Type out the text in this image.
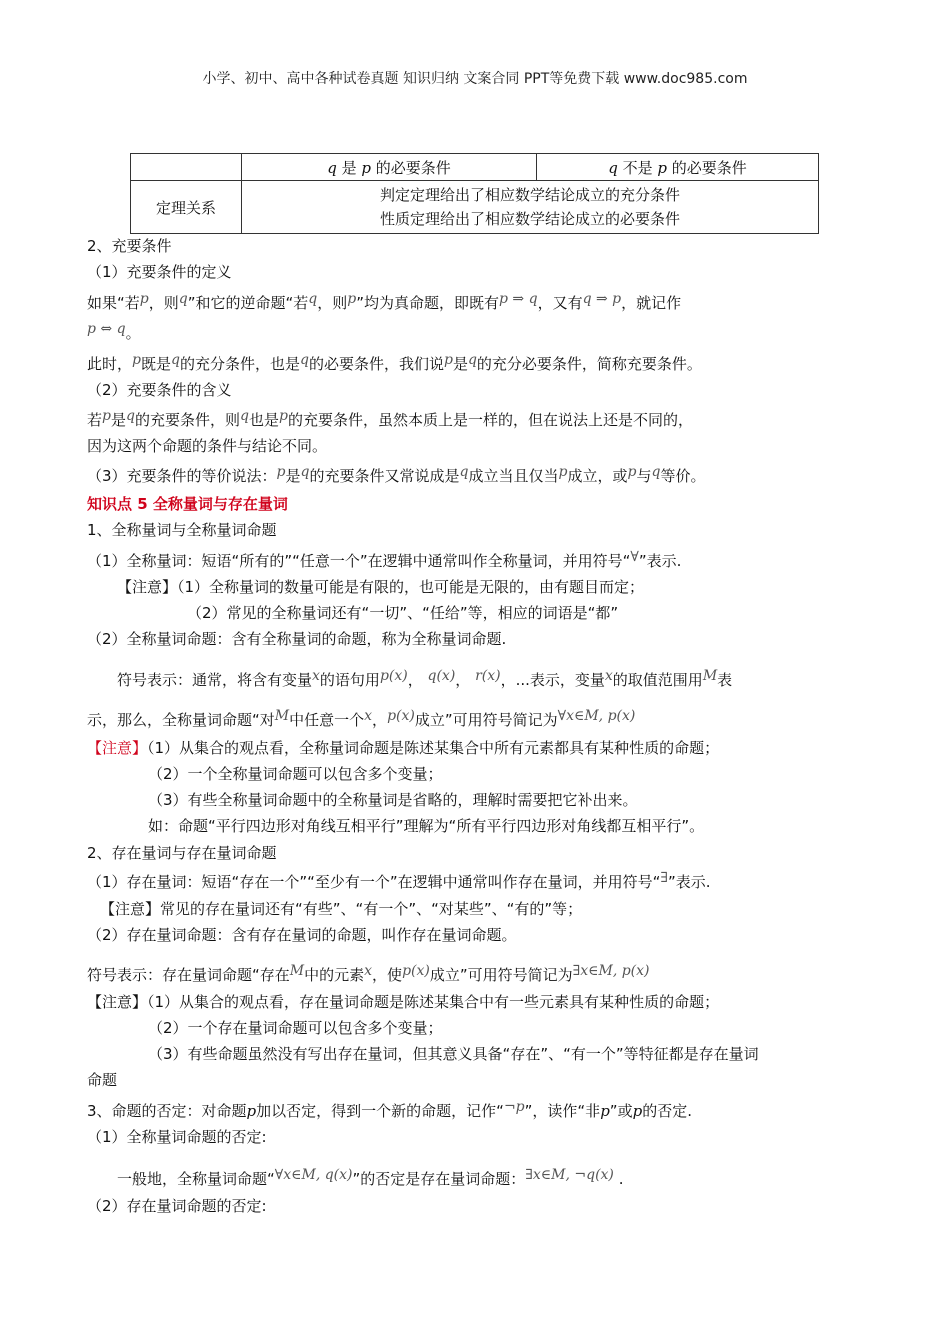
小学、初中、高中各种试卷真题 知识归纳 文案合同 PPT等免费下载 www.doc985.com
	q 是 p 的必要条件	q 不是 p 的必要条件
定理关系	判定定理给出了相应数学结论成立的充分条件
性质定理给出了相应数学结论成立的必要条件	
2、充要条件
（1）充要条件的定义
如果“若p，则q”和它的逆命题“若q，则p”均为真命题，即既有p ⇒ q，又有q ⇒ p，就记作
p ⇔ q。
此时，p既是q的充分条件，也是q的必要条件，我们说p是q的充分必要条件，简称充要条件。
（2）充要条件的含义
若p是q的充要条件，则q也是p的充要条件，虽然本质上是一样的，但在说法上还是不同的，
因为这两个命题的条件与结论不同。
（3）充要条件的等价说法：p是q的充要条件又常说成是q成立当且仅当p成立，或p与q等价。
知识点 5 全称量词与存在量词
1、全称量词与全称量词命题
（1）全称量词：短语“所有的”“任意一个”在逻辑中通常叫作全称量词，并用符号“∀”表示.
【注意】（1）全称量词的数量可能是有限的，也可能是无限的，由有题目而定；
（2）常见的全称量词还有“一切”、“任给”等，相应的词语是“都”
（2）全称量词命题：含有全称量词的命题，称为全称量词命题.
符号表示：通常，将含有变量x的语句用p(x)， q(x)， r(x)，...表示，变量x的取值范围用M表
示，那么，全称量词命题“对M中任意一个x，p(x)成立”可用符号简记为∀x∈M, p(x)
【注意】（1）从集合的观点看，全称量词命题是陈述某集合中所有元素都具有某种性质的命题；
（2）一个全称量词命题可以包含多个变量；
（3）有些全称量词命题中的全称量词是省略的，理解时需要把它补出来。
如：命题“平行四边形对角线互相平行”理解为“所有平行四边形对角线都互相平行”。
2、存在量词与存在量词命题
（1）存在量词：短语“存在一个”“至少有一个”在逻辑中通常叫作存在量词，并用符号“∃”表示.
【注意】常见的存在量词还有“有些”、“有一个”、“对某些”、“有的”等；
（2）存在量词命题：含有存在量词的命题，叫作存在量词命题。
符号表示：存在量词命题“存在M中的元素x，使p(x)成立”可用符号简记为∃x∈M, p(x)
【注意】（1）从集合的观点看，存在量词命题是陈述某集合中有一些元素具有某种性质的命题；
（2）一个存在量词命题可以包含多个变量；
（3）有些命题虽然没有写出存在量词，但其意义具备“存在”、“有一个”等特征都是存在量词
命题
3、命题的否定：对命题p加以否定，得到一个新的命题，记作“¬p”，读作“非p”或p的否定.
（1）全称量词命题的否定:
一般地，全称量词命题“∀x∈M, q(x)”的否定是存在量词命题：∃x∈M, ¬q(x) .
（2）存在量词命题的否定:
